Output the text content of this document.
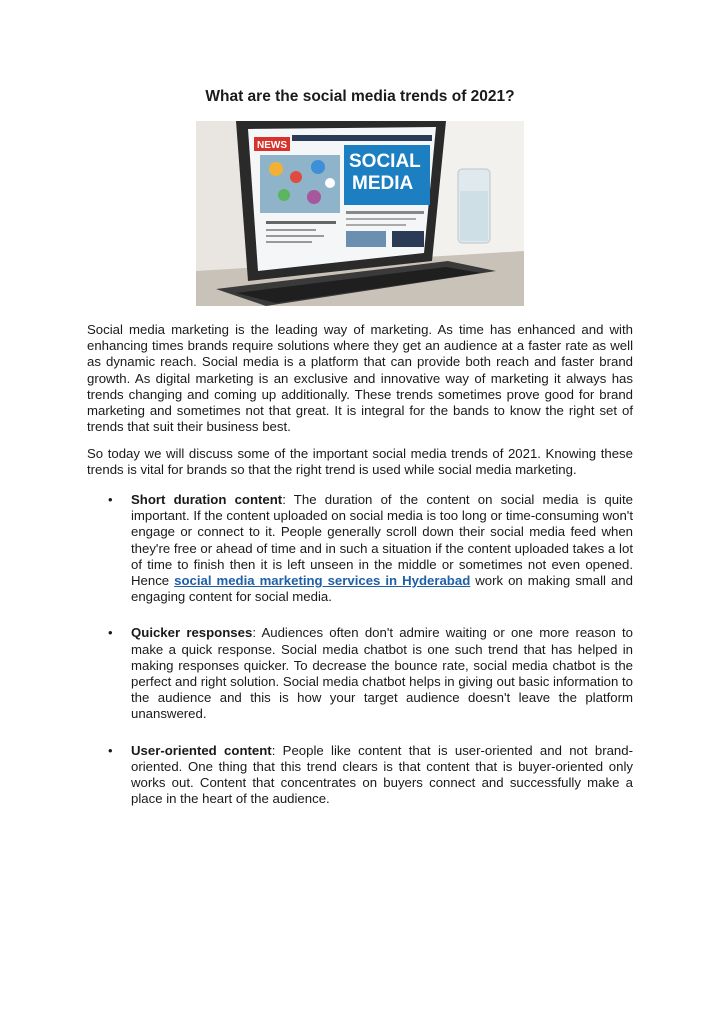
What are the social media trends of 2021?
NEWS
SOCIAL
MEDIA

Social media marketing is the leading way of marketing. As time has enhanced and with enhancing times brands require solutions where they get an audience at a faster rate as well as dynamic reach. Social media is a platform that can provide both reach and faster brand growth. As digital marketing is an exclusive and innovative way of marketing it always has trends changing and coming up additionally. These trends sometimes prove good for brand marketing and sometimes not that great. It is integral for the bands to know the right set of trends that suit their business best.

So today we will discuss some of the important social media trends of 2021. Knowing these trends is vital for brands so that the right trend is used while social media marketing.

• Short duration content: The duration of the content on social media is quite important. If the content uploaded on social media is too long or time-consuming won't engage or connect to it. People generally scroll down their social media feed when they're free or ahead of time and in such a situation if the content uploaded takes a lot of time to finish then it is left unseen in the middle or sometimes not even opened. Hence social media marketing services in Hyderabad work on making small and engaging content for social media.
• Quicker responses: Audiences often don't admire waiting or one more reason to make a quick response. Social media chatbot is one such trend that has helped in making responses quicker. To decrease the bounce rate, social media chatbot is the perfect and right solution. Social media chatbot helps in giving out basic information to the audience and this is how your target audience doesn't leave the platform unanswered.
• User-oriented content: People like content that is user-oriented and not brand-oriented. One thing that this trend clears is that content that is buyer-oriented only works out. Content that concentrates on buyers connect and successfully make a place in the heart of the audience.
